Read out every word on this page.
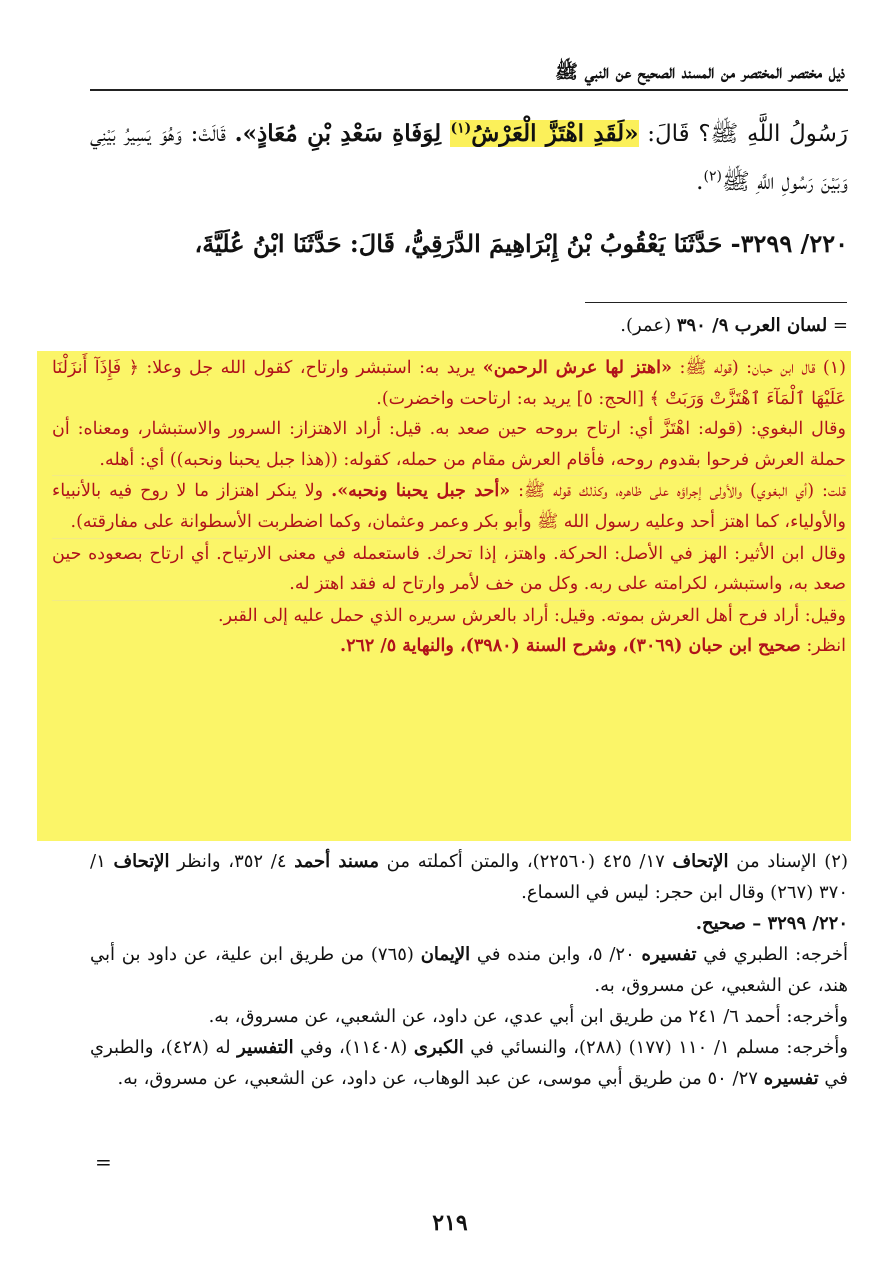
ذيل مختصر المختصر من المسند الصحيح عن النبي ﷺ
رَسُولُ اللَّهِ ﷺ؟ قَالَ: «لَقَدِ اهْتَزَّ الْعَرْشُ$^{(١)}$ لِوَفَاةِ سَعْدِ بْنِ مُعَاذٍ». قَالَتْ: وَهُوَ يَسِيرُ بَيْنِي وَبَيْنَ رَسُولِ اللَّهِ ﷺ$^{(٢)}$.
٢٢٠/ ٣٢٩٩- حَدَّثَنَا يَعْقُوبُ بْنُ إِبْرَاهِيمَ الدَّرَقِيُّ، قَالَ: حَدَّثَنَا ابْنُ عُلَيَّةَ،
= لسان العرب ٩/ ٣٩٠ (عمر).

(١) قال ابن حبان: (قوله ﷺ: «اهتز لها عرش الرحمن» يريد به: استبشر وارتاح، كقول الله جل وعلا: ﴿ فَإِذَآ أَنزَلْنَا عَلَيْهَا ٱلْمَآءَ ٱهْتَزَّتْ وَرَبَتْ ﴾ [الحج: ٥] يريد به: ارتاحت واخضرت).

وقال البغوي: (قوله: اهْتَزَّ أي: ارتاح بروحه حين صعد به. قيل: أراد الاهتزاز: السرور والاستبشار، ومعناه: أن حملة العرش فرحوا بقدوم روحه، فأقام العرش مقام من حمله، كقوله: ((هذا جبل يحبنا ونحبه)) أي: أهله.

قلت: (أي البغوي) والأولى إجراؤه على ظاهره، وكذلك قوله ﷺ: «أحد جبل يحبنا ونحبه». ولا ينكر اهتزاز ما لا روح فيه بالأنبياء والأولياء، كما اهتز أحد وعليه رسول الله ﷺ وأبو بكر وعمر وعثمان، وكما اضطربت الأسطوانة على مفارقته).

وقال ابن الأثير: الهز في الأصل: الحركة. واهتز، إذا تحرك. فاستعمله في معنى الارتياح. أي ارتاح بصعوده حين صعد به، واستبشر، لكرامته على ربه. وكل من خف لأمر وارتاح له فقد اهتز له.

وقيل: أراد فرح أهل العرش بموته. وقيل: أراد بالعرش سريره الذي حمل عليه إلى القبر.

انظر: صحيح ابن حبان (٣٠٦٩)، وشرح السنة (٣٩٨٠)، والنهاية ٥/ ٢٦٢.

(٢) الإسناد من الإتحاف ١٧/ ٤٢٥ (٢٢٥٦٠)، والمتن أكملته من مسند أحمد ٤/ ٣٥٢، وانظر الإتحاف ١/ ٣٧٠ (٢٦٧) وقال ابن حجر: ليس في السماع.

٢٢٠/ ٣٢٩٩ – صحيح.

أخرجه: الطبري في تفسيره ٢٠/ ٥، وابن منده في الإيمان (٧٦٥) من طريق ابن علية، عن داود بن أبي هند، عن الشعبي، عن مسروق، به.

وأخرجه: أحمد ٦/ ٢٤١ من طريق ابن أبي عدي، عن داود، عن الشعبي، عن مسروق، به.

وأخرجه: مسلم ١/ ١١٠ (١٧٧) (٢٨٨)، والنسائي في الكبرى (١١٤٠٨)، وفي التفسير له (٤٢٨)، والطبري في تفسيره ٢٧/ ٥٠ من طريق أبي موسى، عن عبد الوهاب، عن داود، عن الشعبي، عن مسروق، به.

=
٢١٩
